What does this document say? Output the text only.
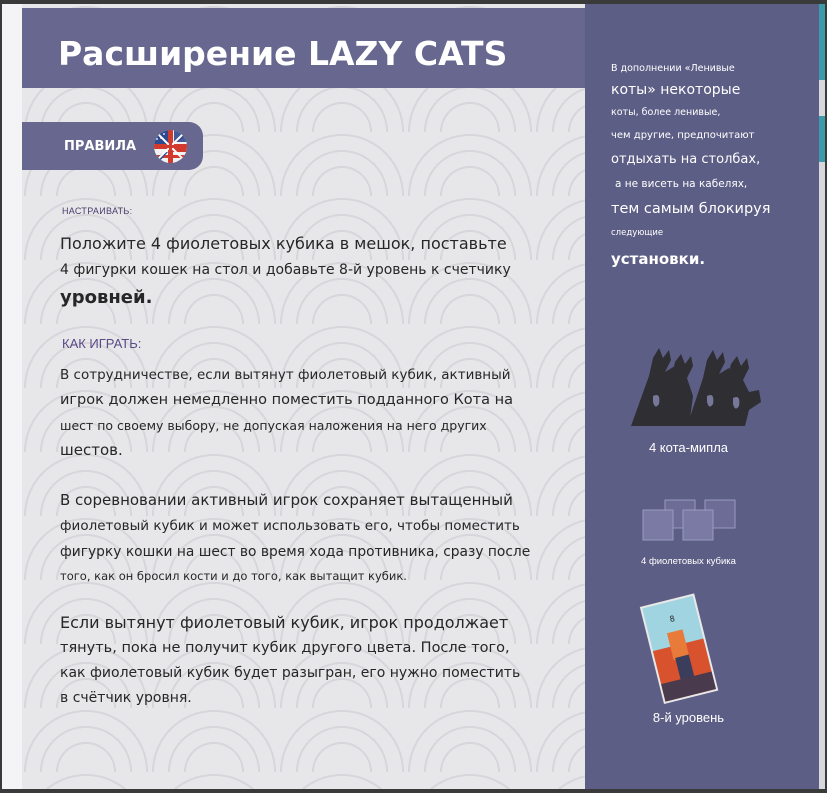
Расширение LAZY CATS
ПРАВИЛА
НАСТРАИВАТЬ:
Положите 4 фиолетовых кубика в мешок, поставьте
4 фигурки кошек на стол и добавьте 8-й уровень к счетчику
уровней.
КАК ИГРАТЬ:
В сотрудничестве, если вытянут фиолетовый кубик, активный
игрок должен немедленно поместить подданного Кота на
шест по своему выбору, не допуская наложения на него других
шестов.
В соревновании активный игрок сохраняет вытащенный
фиолетовый кубик и может использовать его, чтобы поместить
фигурку кошки на шест во время хода противника, сразу после
того, как он бросил кости и до того, как вытащит кубик.
Если вытянут фиолетовый кубик, игрок продолжает
тянуть, пока не получит кубик другого цвета. После того,
как фиолетовый кубик будет разыгран, его нужно поместить
в счётчик уровня.
В дополнении «Ленивые
коты» некоторые
коты, более ленивые,
чем другие, предпочитают
отдыхать на столбах,
а не висеть на кабелях,
тем самым блокируя
следующие
установки.
4 кота-мипла
4 фиолетовых кубика
8
8-й уровень
